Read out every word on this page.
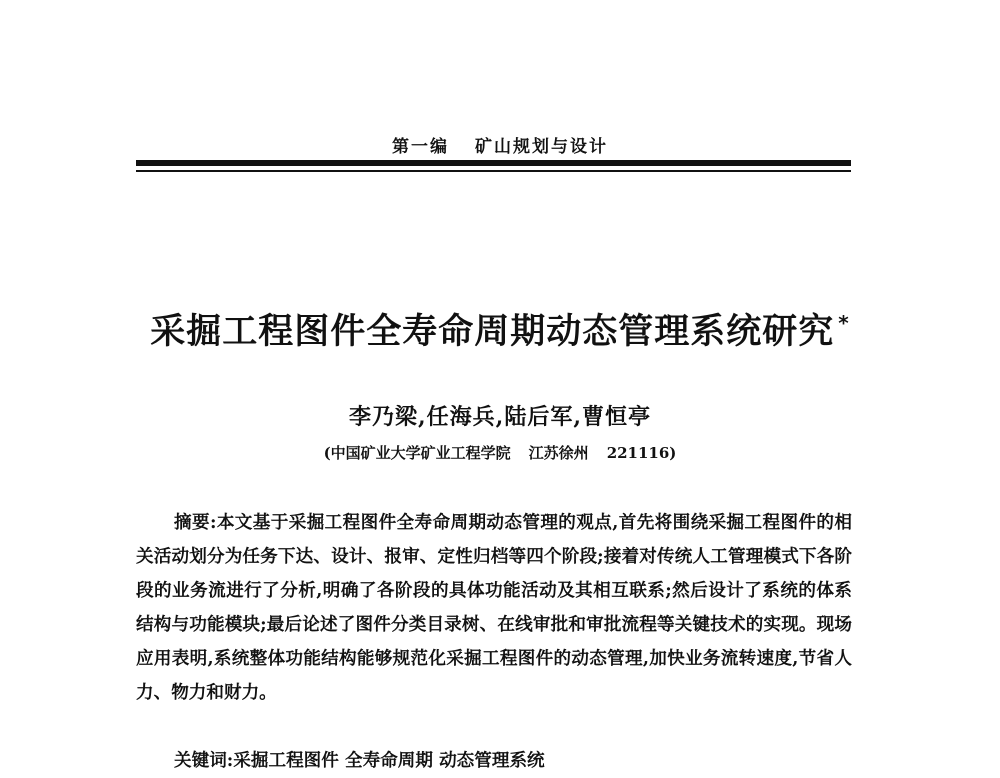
第一编 矿山规划与设计
采掘工程图件全寿命周期动态管理系统研究 *
李乃梁,任海兵,陆后军,曹恒亭
(中国矿业大学矿业工程学院 江苏徐州 221116)
摘要:本文基于采掘工程图件全寿命周期动态管理的观点,首先将围绕采掘工程图件的相关活动划分为任务下达、设计、报审、定性归档等四个阶段;接着对传统人工管理模式下各阶段的业务流进行了分析,明确了各阶段的具体功能活动及其相互联系;然后设计了系统的体系结构与功能模块;最后论述了图件分类目录树、在线审批和审批流程等关键技术的实现。现场应用表明,系统整体功能结构能够规范化采掘工程图件的动态管理,加快业务流转速度,节省人力、物力和财力。
关键词:采掘工程图件 全寿命周期 动态管理系统
